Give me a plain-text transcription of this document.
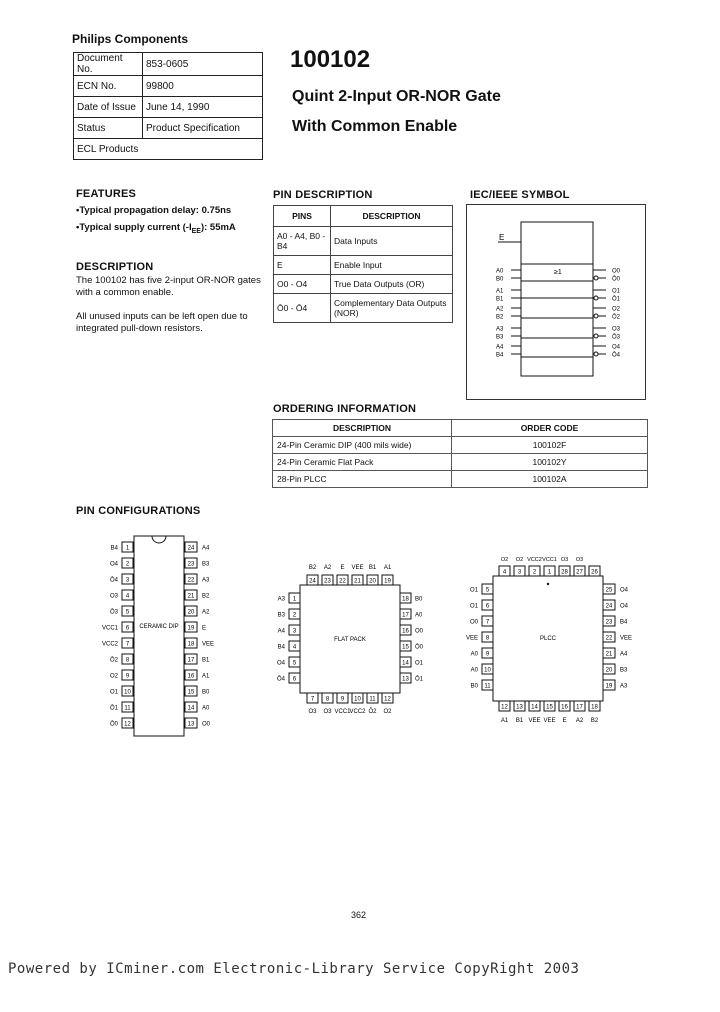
Philips Components
Document No.	853-0605
ECN No.	99800
Date of Issue	June 14, 1990
Status	Product Specification
ECL Products	
100102
Quint 2-Input OR-NOR Gate
With Common Enable
FEATURES
•Typical propagation delay: 0.75ns
•Typical supply current $(-I_{EE})$: 55mA
DESCRIPTION
The 100102 has five 2-input OR-NOR gates with a common enable.
All unused inputs can be left open due to integrated pull-down resistors.
PIN DESCRIPTION
PINS	DESCRIPTION
A0 - A4, B0 - B4	Data Inputs
E	Enable Input
O0 - O4	True Data Outputs (OR)
Ō0 - Ō4	Complementary Data Outputs (NOR)
IEC/IEEE SYMBOL
E
≥1
A0
B0
A1
B1
A2
B2
A3
B3
A4
B4
O0
Ō0
O1
Ō1
O2
Ō2
O3
Ō3
O4
Ō4
ORDERING INFORMATION
DESCRIPTION	ORDER CODE
24-Pin Ceramic DIP (400 mils wide)	100102F
24-Pin Ceramic Flat Pack	100102Y
28-Pin PLCC	100102A
PIN CONFIGURATIONS
CERAMIC DIP
1
B4
2
O4
3
Ō4
4
O3
5
Ō3
6
VCC1
7
VCC2
8
Ō2
9
O2
10
O1
11
Ō1
12
Ō0
24 A4
23 B3
22 A3
21 B2
20 A2
19 E
18 VEE
17 B1
16 A1
15 B0
14 A0
13 O0
FLAT PACK
24
B2
23
A2
22
E
21
VEE
20
B1
19
A1
1
A3
2
B3
3
A4
4
B4
5
O4
6
Ō4
18 B0
17 A0
16 O0
15 Ō0
14 O1
13 Ō1
7
O3
8
O3
9
VCC1
10
VCC2
11
Ō2
12
O2
PLCC
4
O2
3
O2
2
VCC2
1
VCC1
28
O3
27
O3
26
5
O1
6
O1
7
O0
8
VEE
9
A0
10
A0
11
B0
25 O4
24 O4
23 B4
22 VEE
21 A4
20 B3
19 A3
12
A1
13
B1
14
VEE
15
VEE
16
E
17
A2
18
B2
362
Powered by ICminer.com Electronic-Library Service CopyRight 2003
